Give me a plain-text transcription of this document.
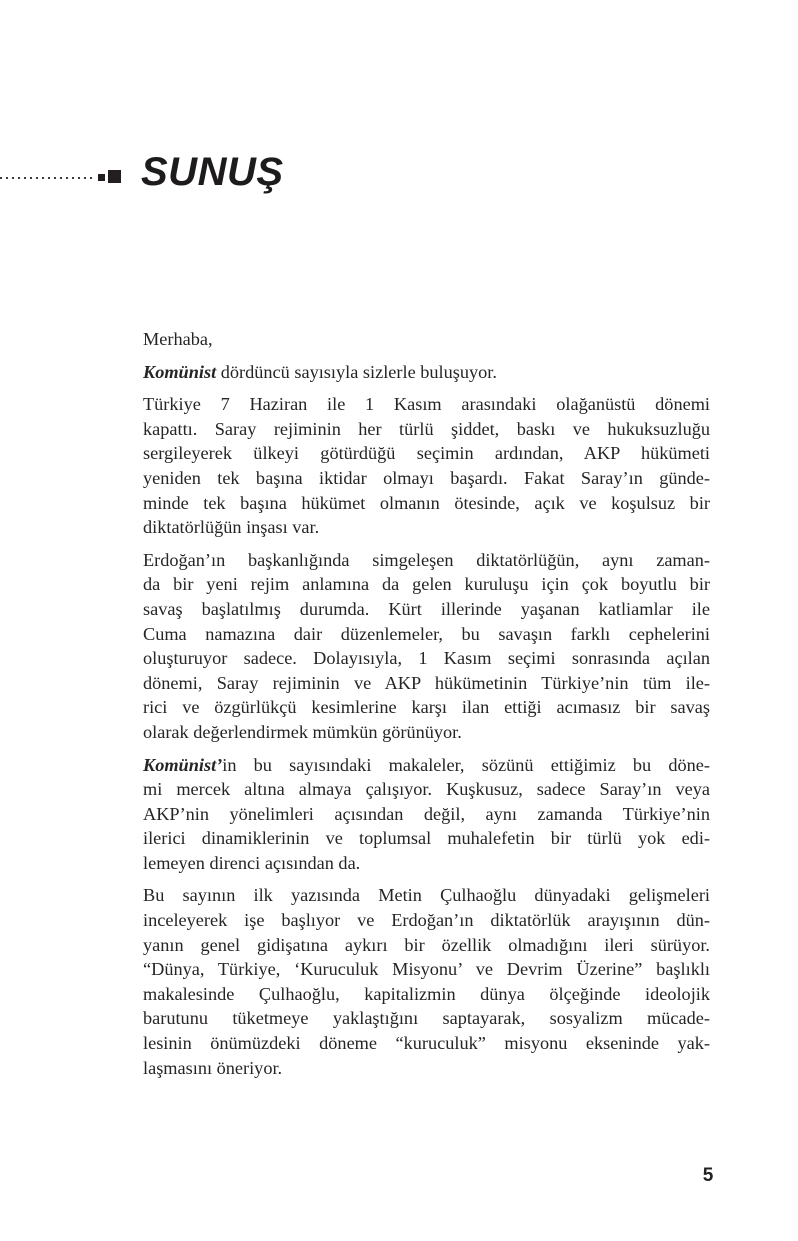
SUNUŞ
Merhaba,
Komünist dördüncü sayısıyla sizlerle buluşuyor.
Türkiye 7 Haziran ile 1 Kasım arasındaki olağanüstü dönemi
kapattı. Saray rejiminin her türlü şiddet, baskı ve hukuksuzluğu
sergileyerek ülkeyi götürdüğü seçimin ardından, AKP hükümeti
yeniden tek başına iktidar olmayı başardı. Fakat Saray’ın günde-
minde tek başına hükümet olmanın ötesinde, açık ve koşulsuz bir
diktatörlüğün inşası var.
Erdoğan’ın başkanlığında simgeleşen diktatörlüğün, aynı zaman-
da bir yeni rejim anlamına da gelen kuruluşu için çok boyutlu bir
savaş başlatılmış durumda. Kürt illerinde yaşanan katliamlar ile
Cuma namazına dair düzenlemeler, bu savaşın farklı cephelerini
oluşturuyor sadece. Dolayısıyla, 1 Kasım seçimi sonrasında açılan
dönemi, Saray rejiminin ve AKP hükümetinin Türkiye’nin tüm ile-
rici ve özgürlükçü kesimlerine karşı ilan ettiği acımasız bir savaş
olarak değerlendirmek mümkün görünüyor.
Komünist’in bu sayısındaki makaleler, sözünü ettiğimiz bu döne-
mi mercek altına almaya çalışıyor. Kuşkusuz, sadece Saray’ın veya
AKP’nin yönelimleri açısından değil, aynı zamanda Türkiye’nin
ilerici dinamiklerinin ve toplumsal muhalefetin bir türlü yok edi-
lemeyen direnci açısından da.
Bu sayının ilk yazısında Metin Çulhaoğlu dünyadaki gelişmeleri
inceleyerek işe başlıyor ve Erdoğan’ın diktatörlük arayışının dün-
yanın genel gidişatına aykırı bir özellik olmadığını ileri sürüyor.
“Dünya, Türkiye, ‘Kuruculuk Misyonu’ ve Devrim Üzerine” başlıklı
makalesinde Çulhaoğlu, kapitalizmin dünya ölçeğinde ideolojik
barutunu tüketmeye yaklaştığını saptayarak, sosyalizm mücade-
lesinin önümüzdeki döneme “kuruculuk” misyonu ekseninde yak-
laşmasını öneriyor.
5
